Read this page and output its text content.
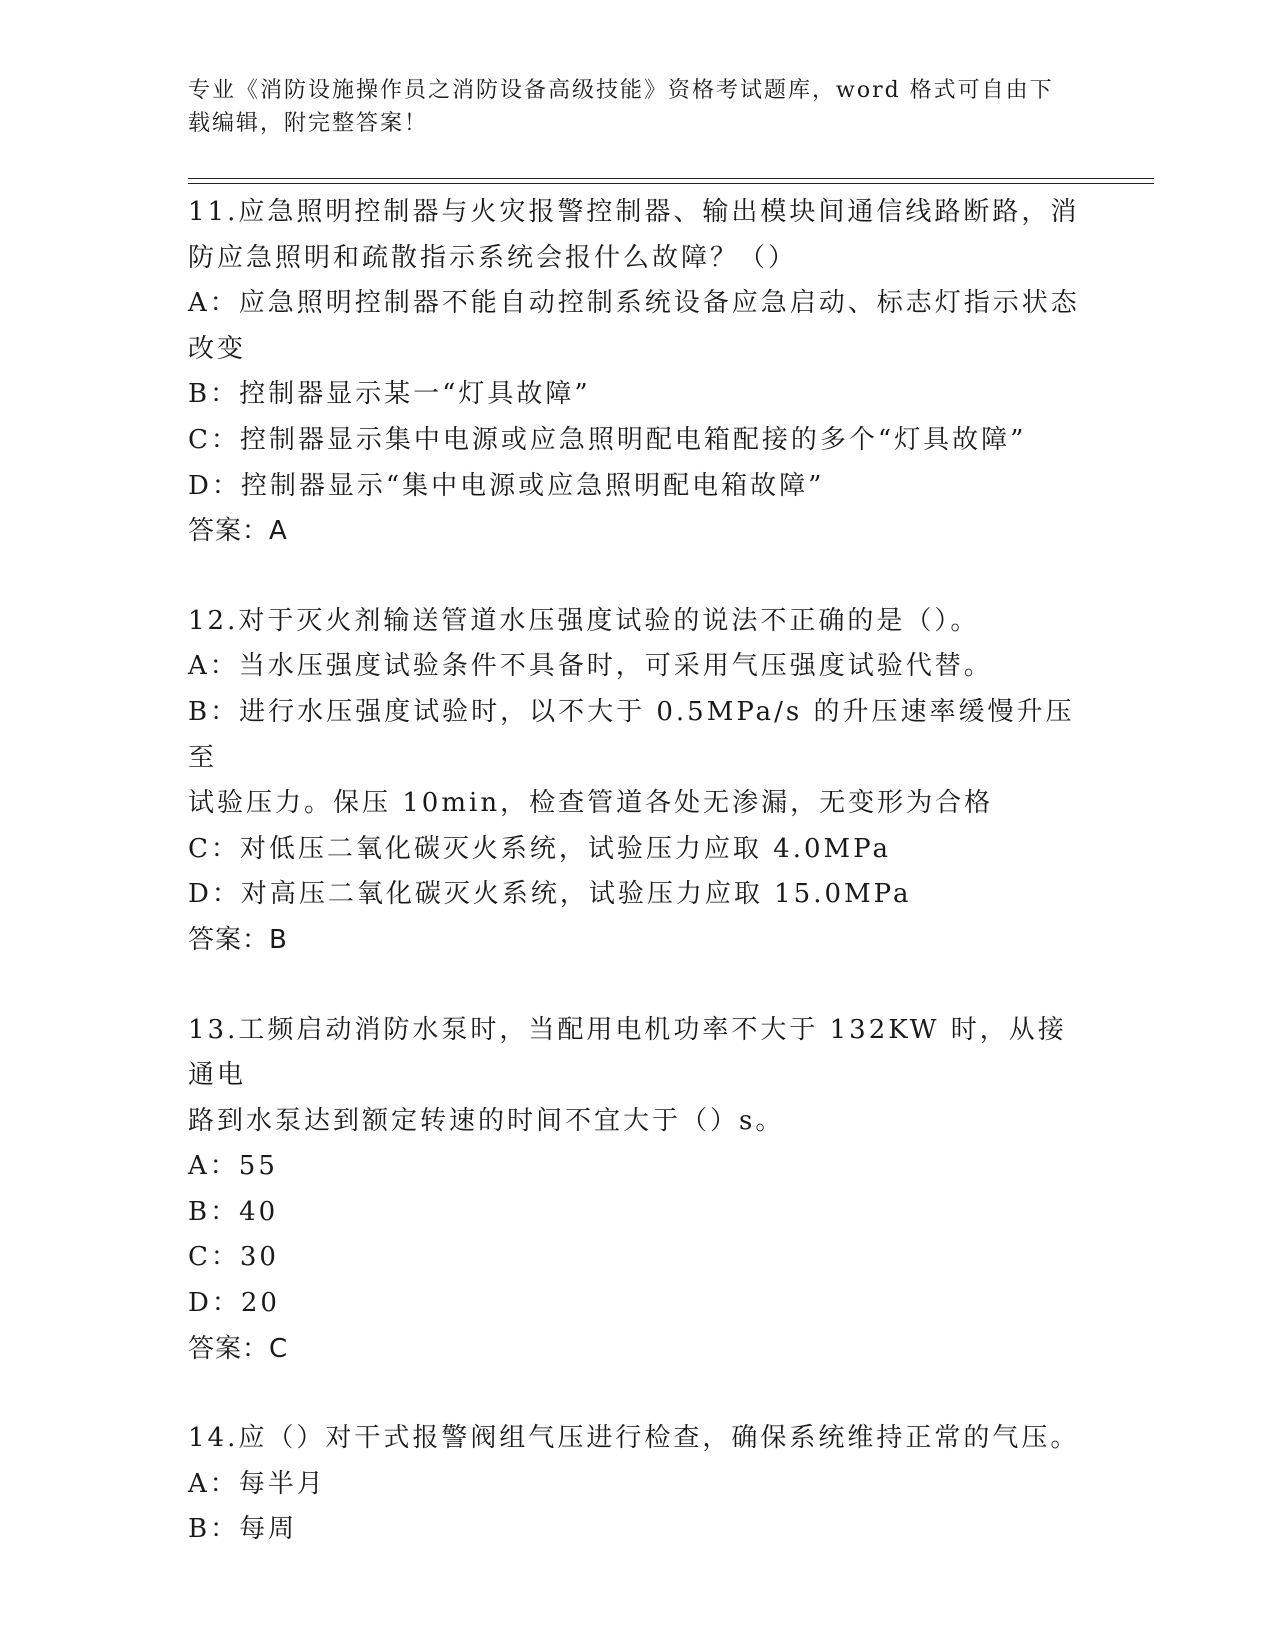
专业《消防设施操作员之消防设备高级技能》资格考试题库，word 格式可自由下
载编辑，附完整答案！
11.应急照明控制器与火灾报警控制器、输出模块间通信线路断路，消
防应急照明和疏散指示系统会报什么故障？（）
A：应急照明控制器不能自动控制系统设备应急启动、标志灯指示状态
改变
B：控制器显示某一“灯具故障”
C：控制器显示集中电源或应急照明配电箱配接的多个“灯具故障”
D：控制器显示“集中电源或应急照明配电箱故障”
答案：A
12.对于灭火剂输送管道水压强度试验的说法不正确的是（）。
A：当水压强度试验条件不具备时，可采用气压强度试验代替。
B：进行水压强度试验时，以不大于 0.5MPa/s 的升压速率缓慢升压至
试验压力。保压 10min，检查管道各处无渗漏，无变形为合格
C：对低压二氧化碳灭火系统，试验压力应取 4.0MPa
D：对高压二氧化碳灭火系统，试验压力应取 15.0MPa
答案：B
13.工频启动消防水泵时，当配用电机功率不大于 132KW 时，从接通电
路到水泵达到额定转速的时间不宜大于（）s。
A：55
B：40
C：30
D：20
答案：C
14.应（）对干式报警阀组气压进行检查，确保系统维持正常的气压。
A：每半月
B：每周
